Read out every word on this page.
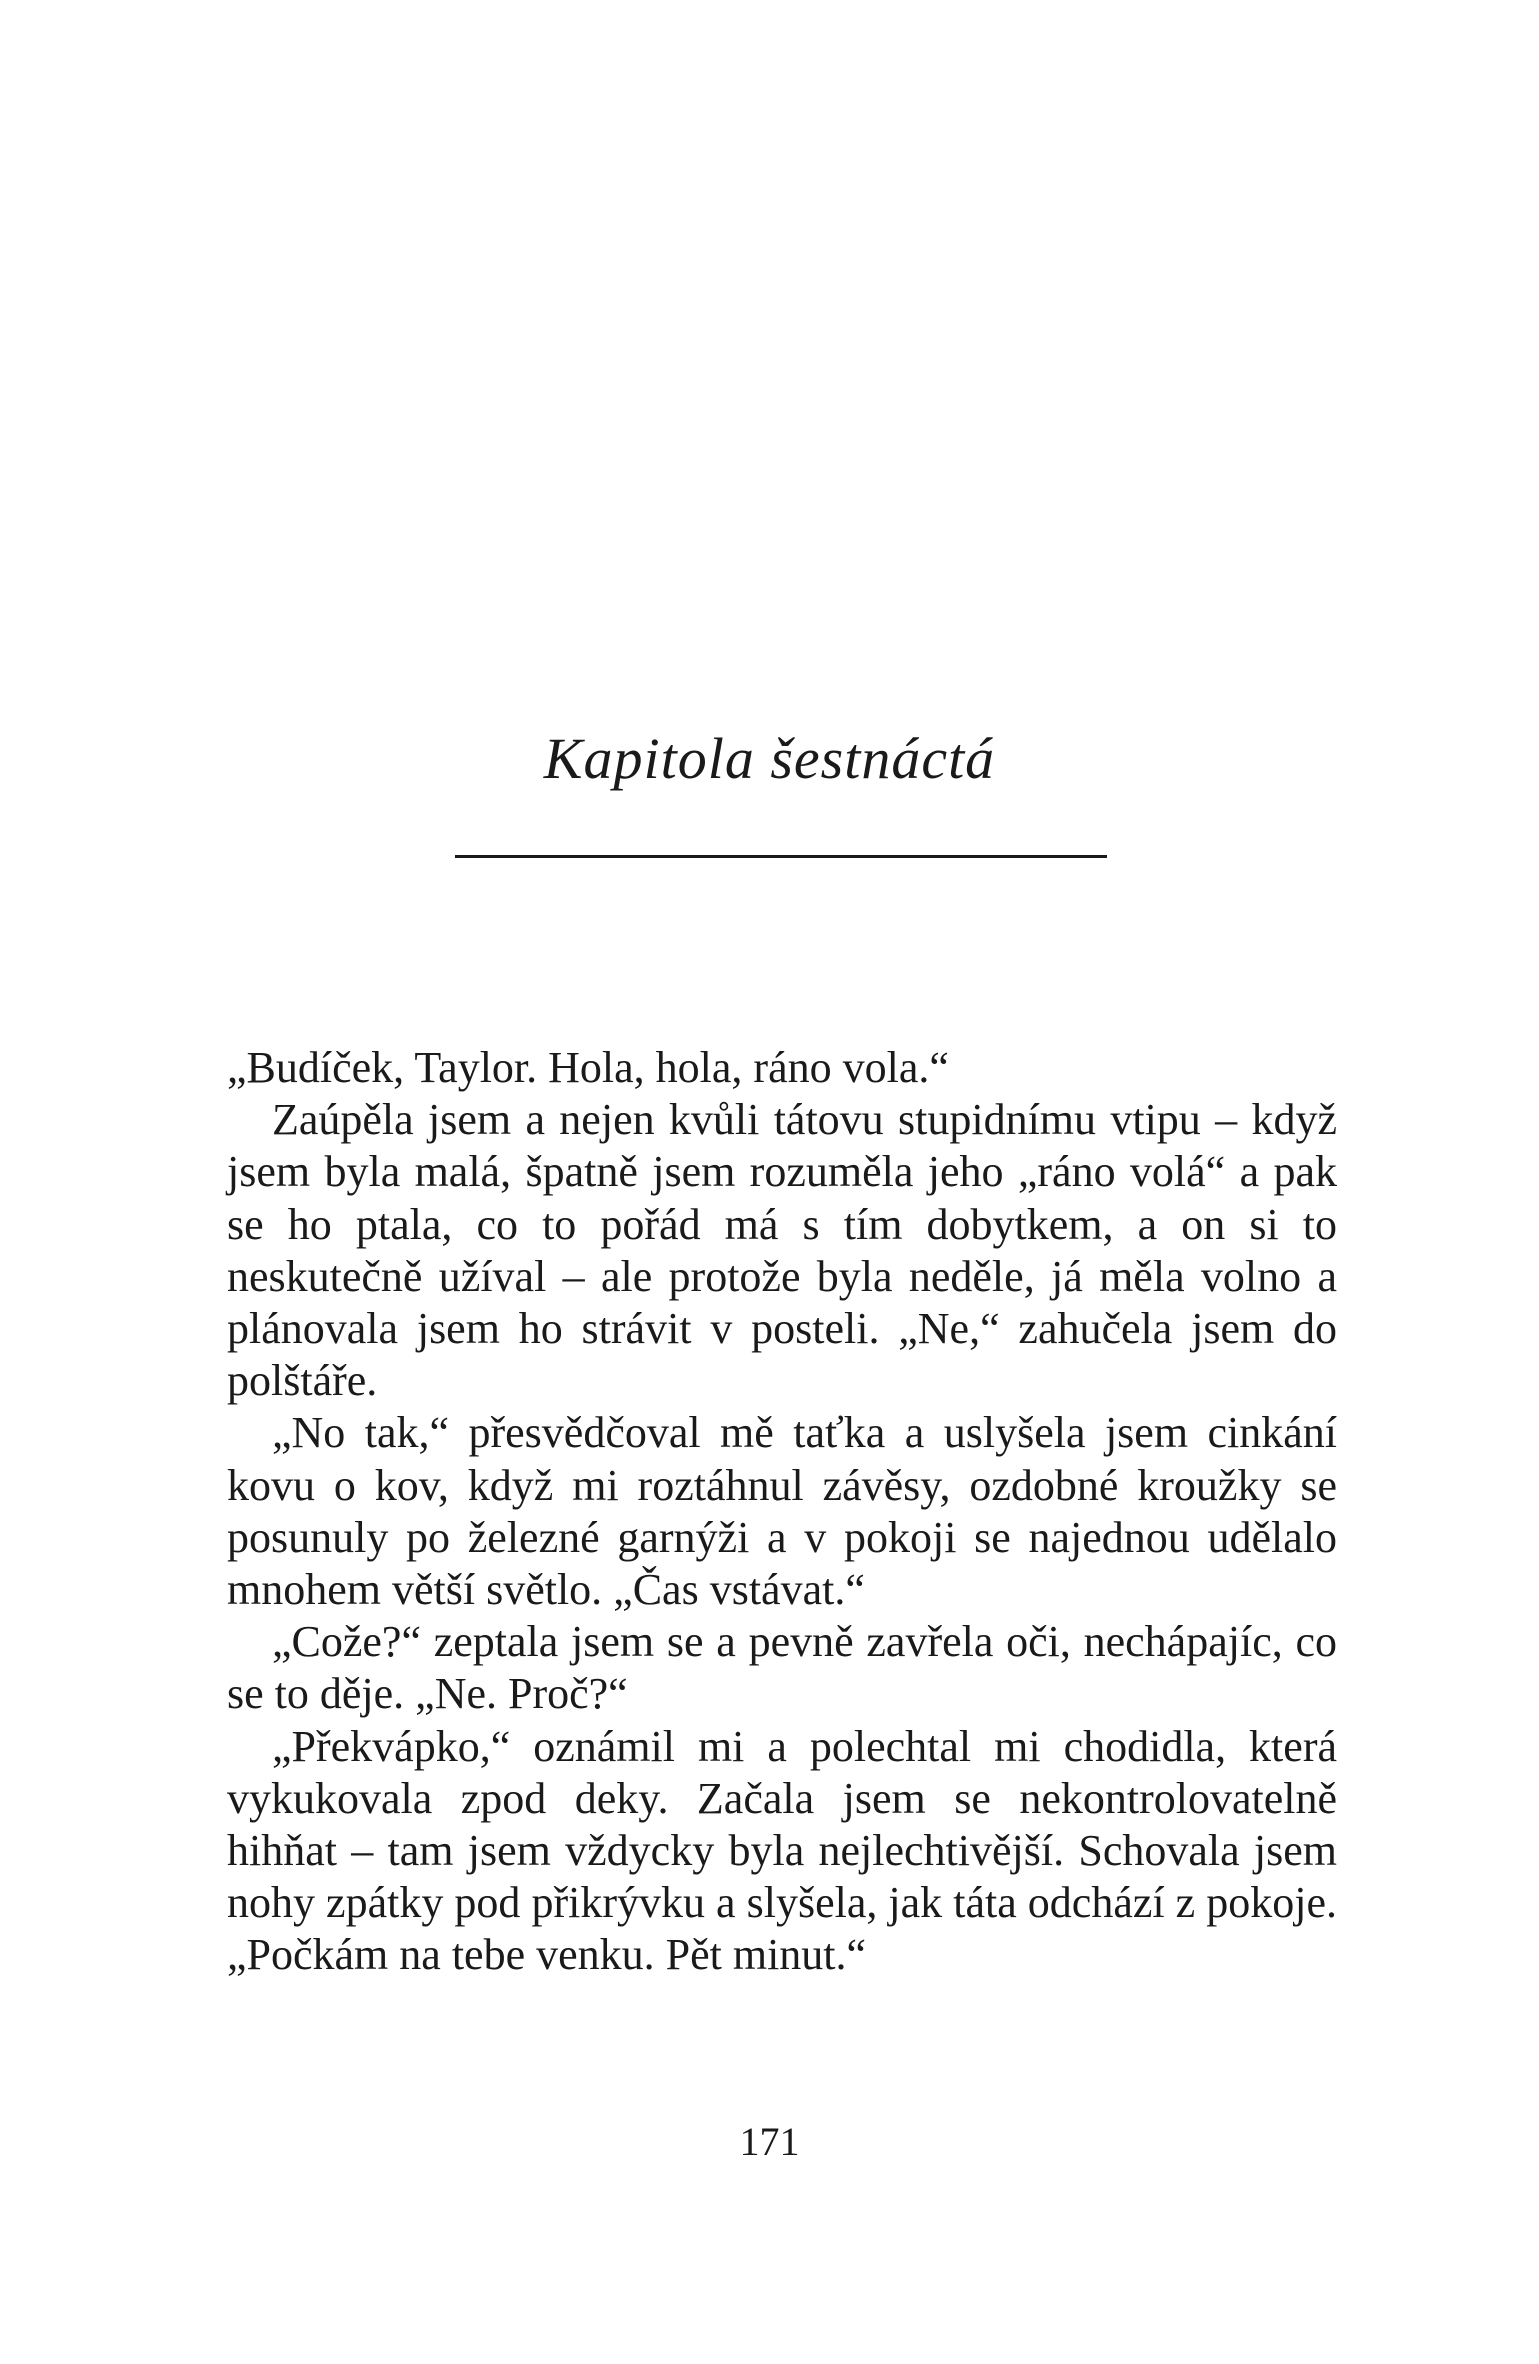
Kapitola šestnáctá

„Budíček, Taylor. Hola, hola, ráno vola.“

Zaúpěla jsem a nejen kvůli tátovu stupidnímu vtipu – když jsem byla malá, špatně jsem rozuměla jeho „ráno volá“ a pak se ho ptala, co to pořád má s tím dobytkem, a on si to neskutečně užíval – ale protože byla neděle, já měla volno a plánovala jsem ho strávit v posteli. „Ne,“ zahučela jsem do polštáře.

„No tak,“ přesvědčoval mě taťka a uslyšela jsem cinkání kovu o kov, když mi roztáhnul závěsy, ozdobné kroužky se posunuly po železné garnýži a v pokoji se najednou udělalo mnohem větší světlo. „Čas vstávat.“

„Cože?“ zeptala jsem se a pevně zavřela oči, nechápajíc, co se to děje. „Ne. Proč?“

„Překvápko,“ oznámil mi a polechtal mi chodidla, která vykukovala zpod deky. Začala jsem se nekontrolovatelně hihňat – tam jsem vždycky byla nejlechtivější. Schovala jsem nohy zpátky pod přikrývku a slyšela, jak táta odchází z pokoje. „Počkám na tebe venku. Pět minut.“

171
